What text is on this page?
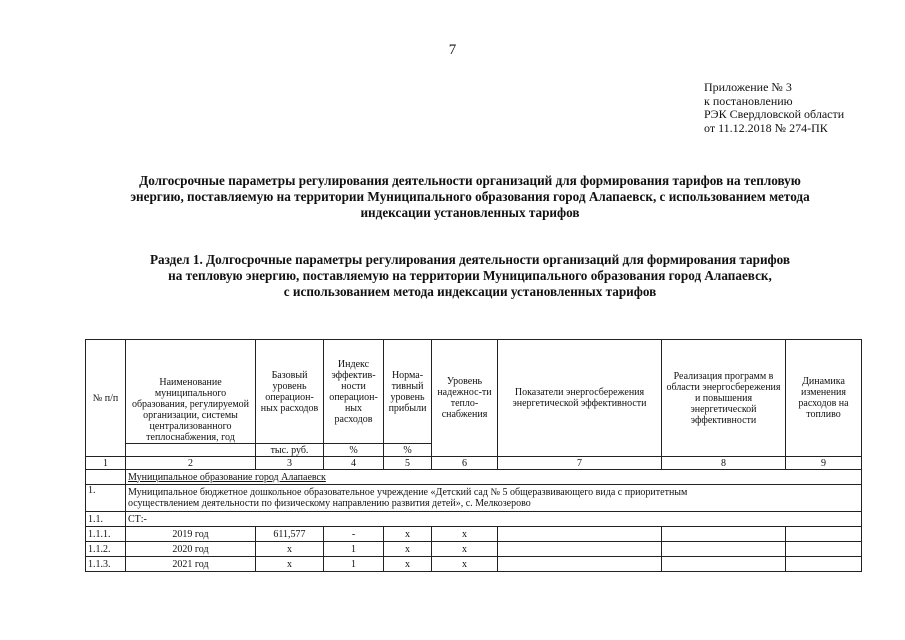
7
Приложение № 3
к постановлению
РЭК Свердловской области
от 11.12.2018 № 274-ПК
Долгосрочные параметры регулирования деятельности организаций для формирования тарифов на тепловую
энергию, поставляемую на территории Муниципального образования город Алапаевск, с использованием метода
индексации установленных тарифов
Раздел 1. Долгосрочные параметры регулирования деятельности организаций для формирования тарифов
на тепловую энергию, поставляемую на территории Муниципального образования город Алапаевск,
с использованием метода индексации установленных тарифов
№ п/п	Наименование муниципального образования, регулируемой организации, системы централизованного теплоснабжения, год	Базовый уровень операцион-ных расходов	Индекс эффектив-ности операцион-ных расходов	Норма-тивный уровень прибыли	Уровень надежнос-ти тепло-снабжения	Показатели энергосбережения энергетической эффективности	Реализация программ в области энергосбережения и повышения энергетической эффективности	Динамика изменения расходов на топливо
		тыс. руб.	%	%				
1	2	3	4	5	6	7	8	9
	Муниципальное образование город Алапаевск							
1.	Муниципальное бюджетное дошкольное образовательное учреждение «Детский сад № 5 общеразвивающего вида с приоритетным
осуществлением деятельности по физическому направлению развития детей», с. Мелкозерово							

1.1.	СТ:-							
1.1.1.	2019 год	611,577	-	х	х			
1.1.2.	2020 год	х	1	х	х			
1.1.3.	2021 год	х	1	х	х			
